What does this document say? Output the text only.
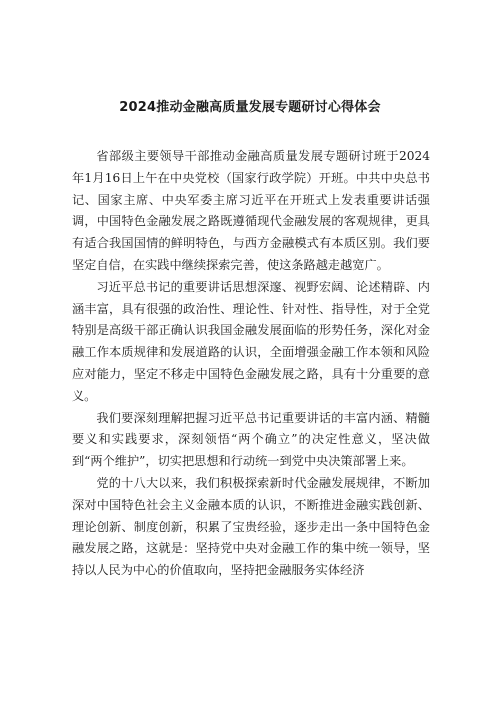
2024推动金融高质量发展专题研讨心得体会

省部级主要领导干部推动金融高质量发展专题研讨班于2024年1月16日上午在中央党校（国家行政学院）开班。中共中央总书记、国家主席、中央军委主席习近平在开班式上发表重要讲话强调，中国特色金融发展之路既遵循现代金融发展的客观规律，更具有适合我国国情的鲜明特色，与西方金融模式有本质区别。我们要坚定自信，在实践中继续探索完善，使这条路越走越宽广。

习近平总书记的重要讲话思想深邃、视野宏阔、论述精辟、内涵丰富，具有很强的政治性、理论性、针对性、指导性，对于全党特别是高级干部正确认识我国金融发展面临的形势任务，深化对金融工作本质规律和发展道路的认识，全面增强金融工作本领和风险应对能力，坚定不移走中国特色金融发展之路，具有十分重要的意义。

我们要深刻理解把握习近平总书记重要讲话的丰富内涵、精髓要义和实践要求，深刻领悟“两个确立”的决定性意义，坚决做到“两个维护”，切实把思想和行动统一到党中央决策部署上来。

党的十八大以来，我们积极探索新时代金融发展规律，不断加深对中国特色社会主义金融本质的认识，不断推进金融实践创新、理论创新、制度创新，积累了宝贵经验，逐步走出一条中国特色金融发展之路，这就是：坚持党中央对金融工作的集中统一领导，坚持以人民为中心的价值取向，坚持把金融服务实体经济
